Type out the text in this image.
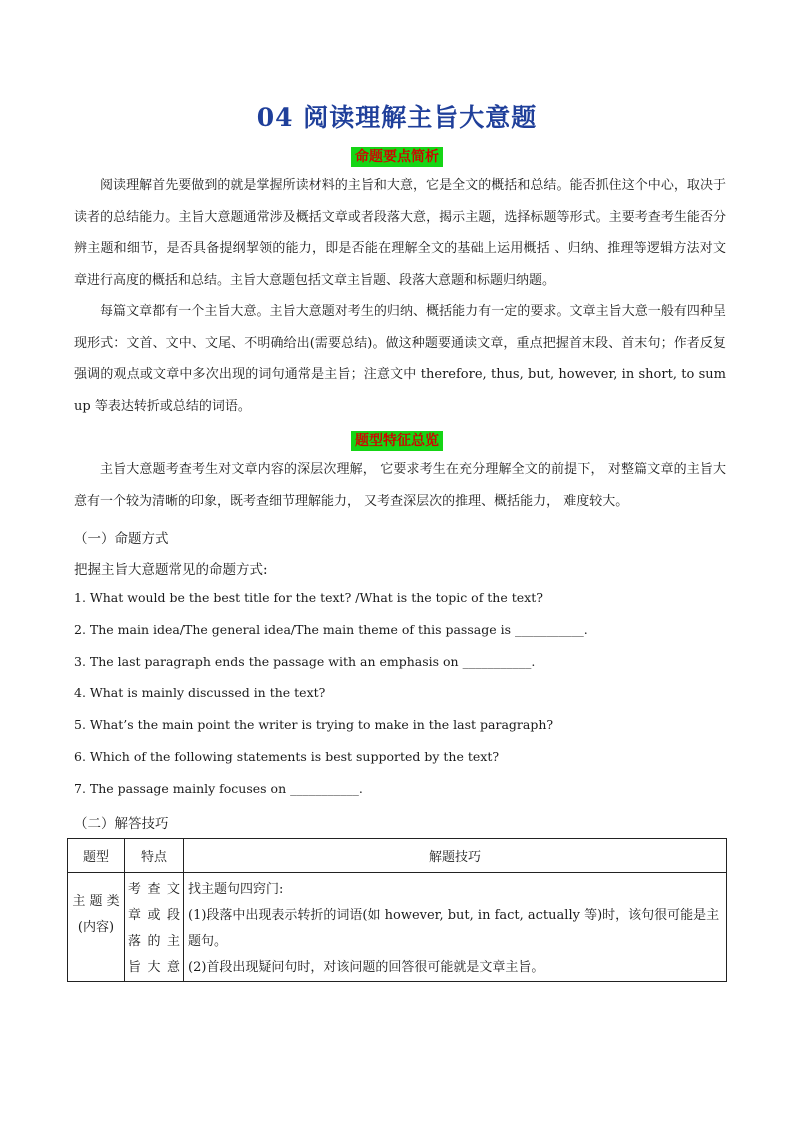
04 阅读理解主旨大意题
命题要点简析

阅读理解首先要做到的就是掌握所读材料的主旨和大意，它是全文的概括和总结。能否抓住这个中心，取决于读者的总结能力。主旨大意题通常涉及概括文章或者段落大意，揭示主题，选择标题等形式。主要考查考生能否分辨主题和细节，是否具备提纲挈领的能力，即是否能在理解全文的基础上运用概括 、归纳、推理等逻辑方法对文章进行高度的概括和总结。主旨大意题包括文章主旨题、段落大意题和标题归纳题。

每篇文章都有一个主旨大意。主旨大意题对考生的归纳、概括能力有一定的要求。文章主旨大意一般有四种呈现形式：文首、文中、文尾、不明确给出(需要总结)。做这种题要通读文章，重点把握首末段、首末句；作者反复强调的观点或文章中多次出现的词句通常是主旨；注意文中 therefore, thus, but, however, in short, to sum up 等表达转折或总结的词语。

题型特征总览

主旨大意题考查考生对文章内容的深层次理解， 它要求考生在充分理解全文的前提下， 对整篇文章的主旨大意有一个较为清晰的印象，既考查细节理解能力， 又考查深层次的推理、概括能力， 难度较大。

（一）命题方式
把握主旨大意题常见的命题方式:
1. What would be the best title for the text? /What is the topic of the text?
2. The main idea/The general idea/The main theme of this passage is ___________.
3. The last paragraph ends the passage with an emphasis on ___________.
4. What is mainly discussed in the text?
5. What’s the main point the writer is trying to make in the last paragraph?
6. Which of the following statements is best supported by the text?
7. The passage mainly focuses on ___________.
（二）解答技巧
题型	特点	解题技巧
主 题 类(内容)	考 查 文 章 或 段 落 的 主 旨大意	找主题句四窍门:
(1)段落中出现表示转折的词语(如 however, but, in fact, actually 等)时，该句很可能是主题句。
(2)首段出现疑问句时，对该问题的回答很可能就是文章主旨。
